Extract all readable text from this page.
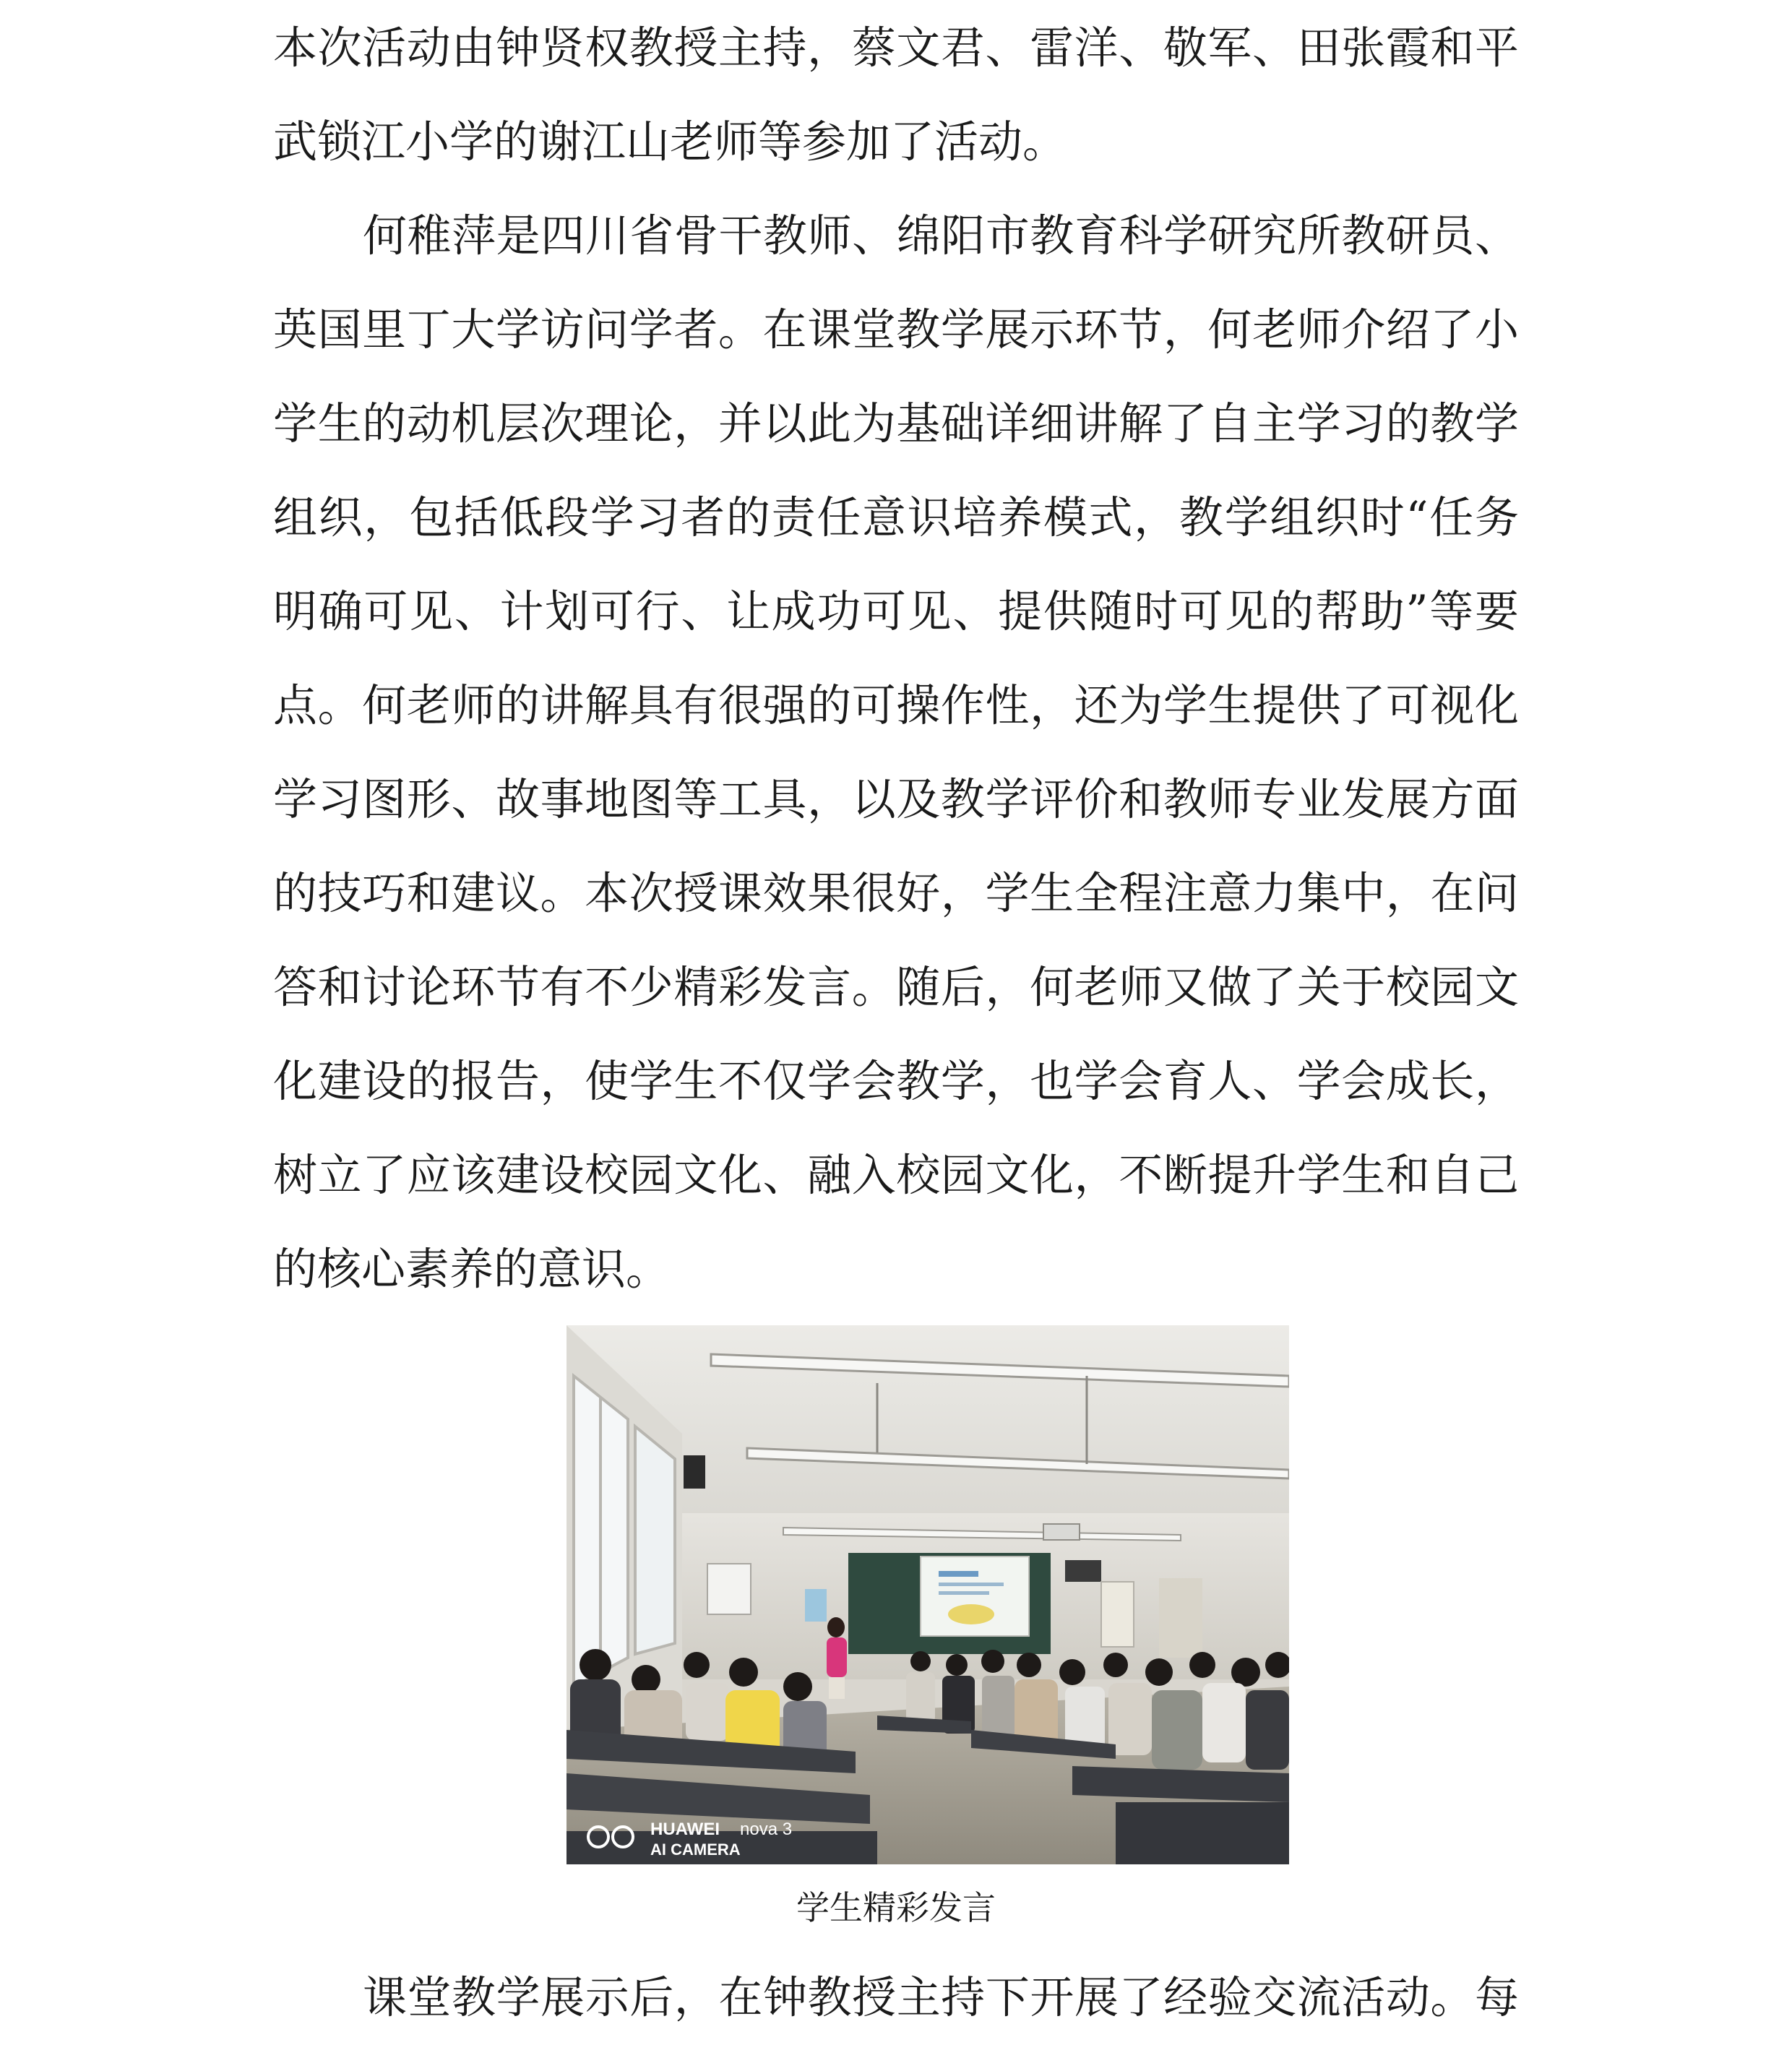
本次活动由钟贤权教授主持，蔡文君、雷洋、敬军、田张霞和平
武锁江小学的谢江山老师等参加了活动。
何稚萍是四川省骨干教师、绵阳市教育科学研究所教研员、
英国里丁大学访问学者。在课堂教学展示环节，何老师介绍了小
学生的动机层次理论，并以此为基础详细讲解了自主学习的教学
组织，包括低段学习者的责任意识培养模式，教学组织时“任务
明确可见、计划可行、让成功可见、提供随时可见的帮助”等要
点。何老师的讲解具有很强的可操作性，还为学生提供了可视化
学习图形、故事地图等工具，以及教学评价和教师专业发展方面
的技巧和建议。本次授课效果很好，学生全程注意力集中，在问
答和讨论环节有不少精彩发言。随后，何老师又做了关于校园文
化建设的报告，使学生不仅学会教学，也学会育人、学会成长，
树立了应该建设校园文化、融入校园文化，不断提升学生和自己
的核心素养的意识。
HUAWEI nova 3
AI CAMERA
学生精彩发言
课堂教学展示后，在钟教授主持下开展了经验交流活动。每
